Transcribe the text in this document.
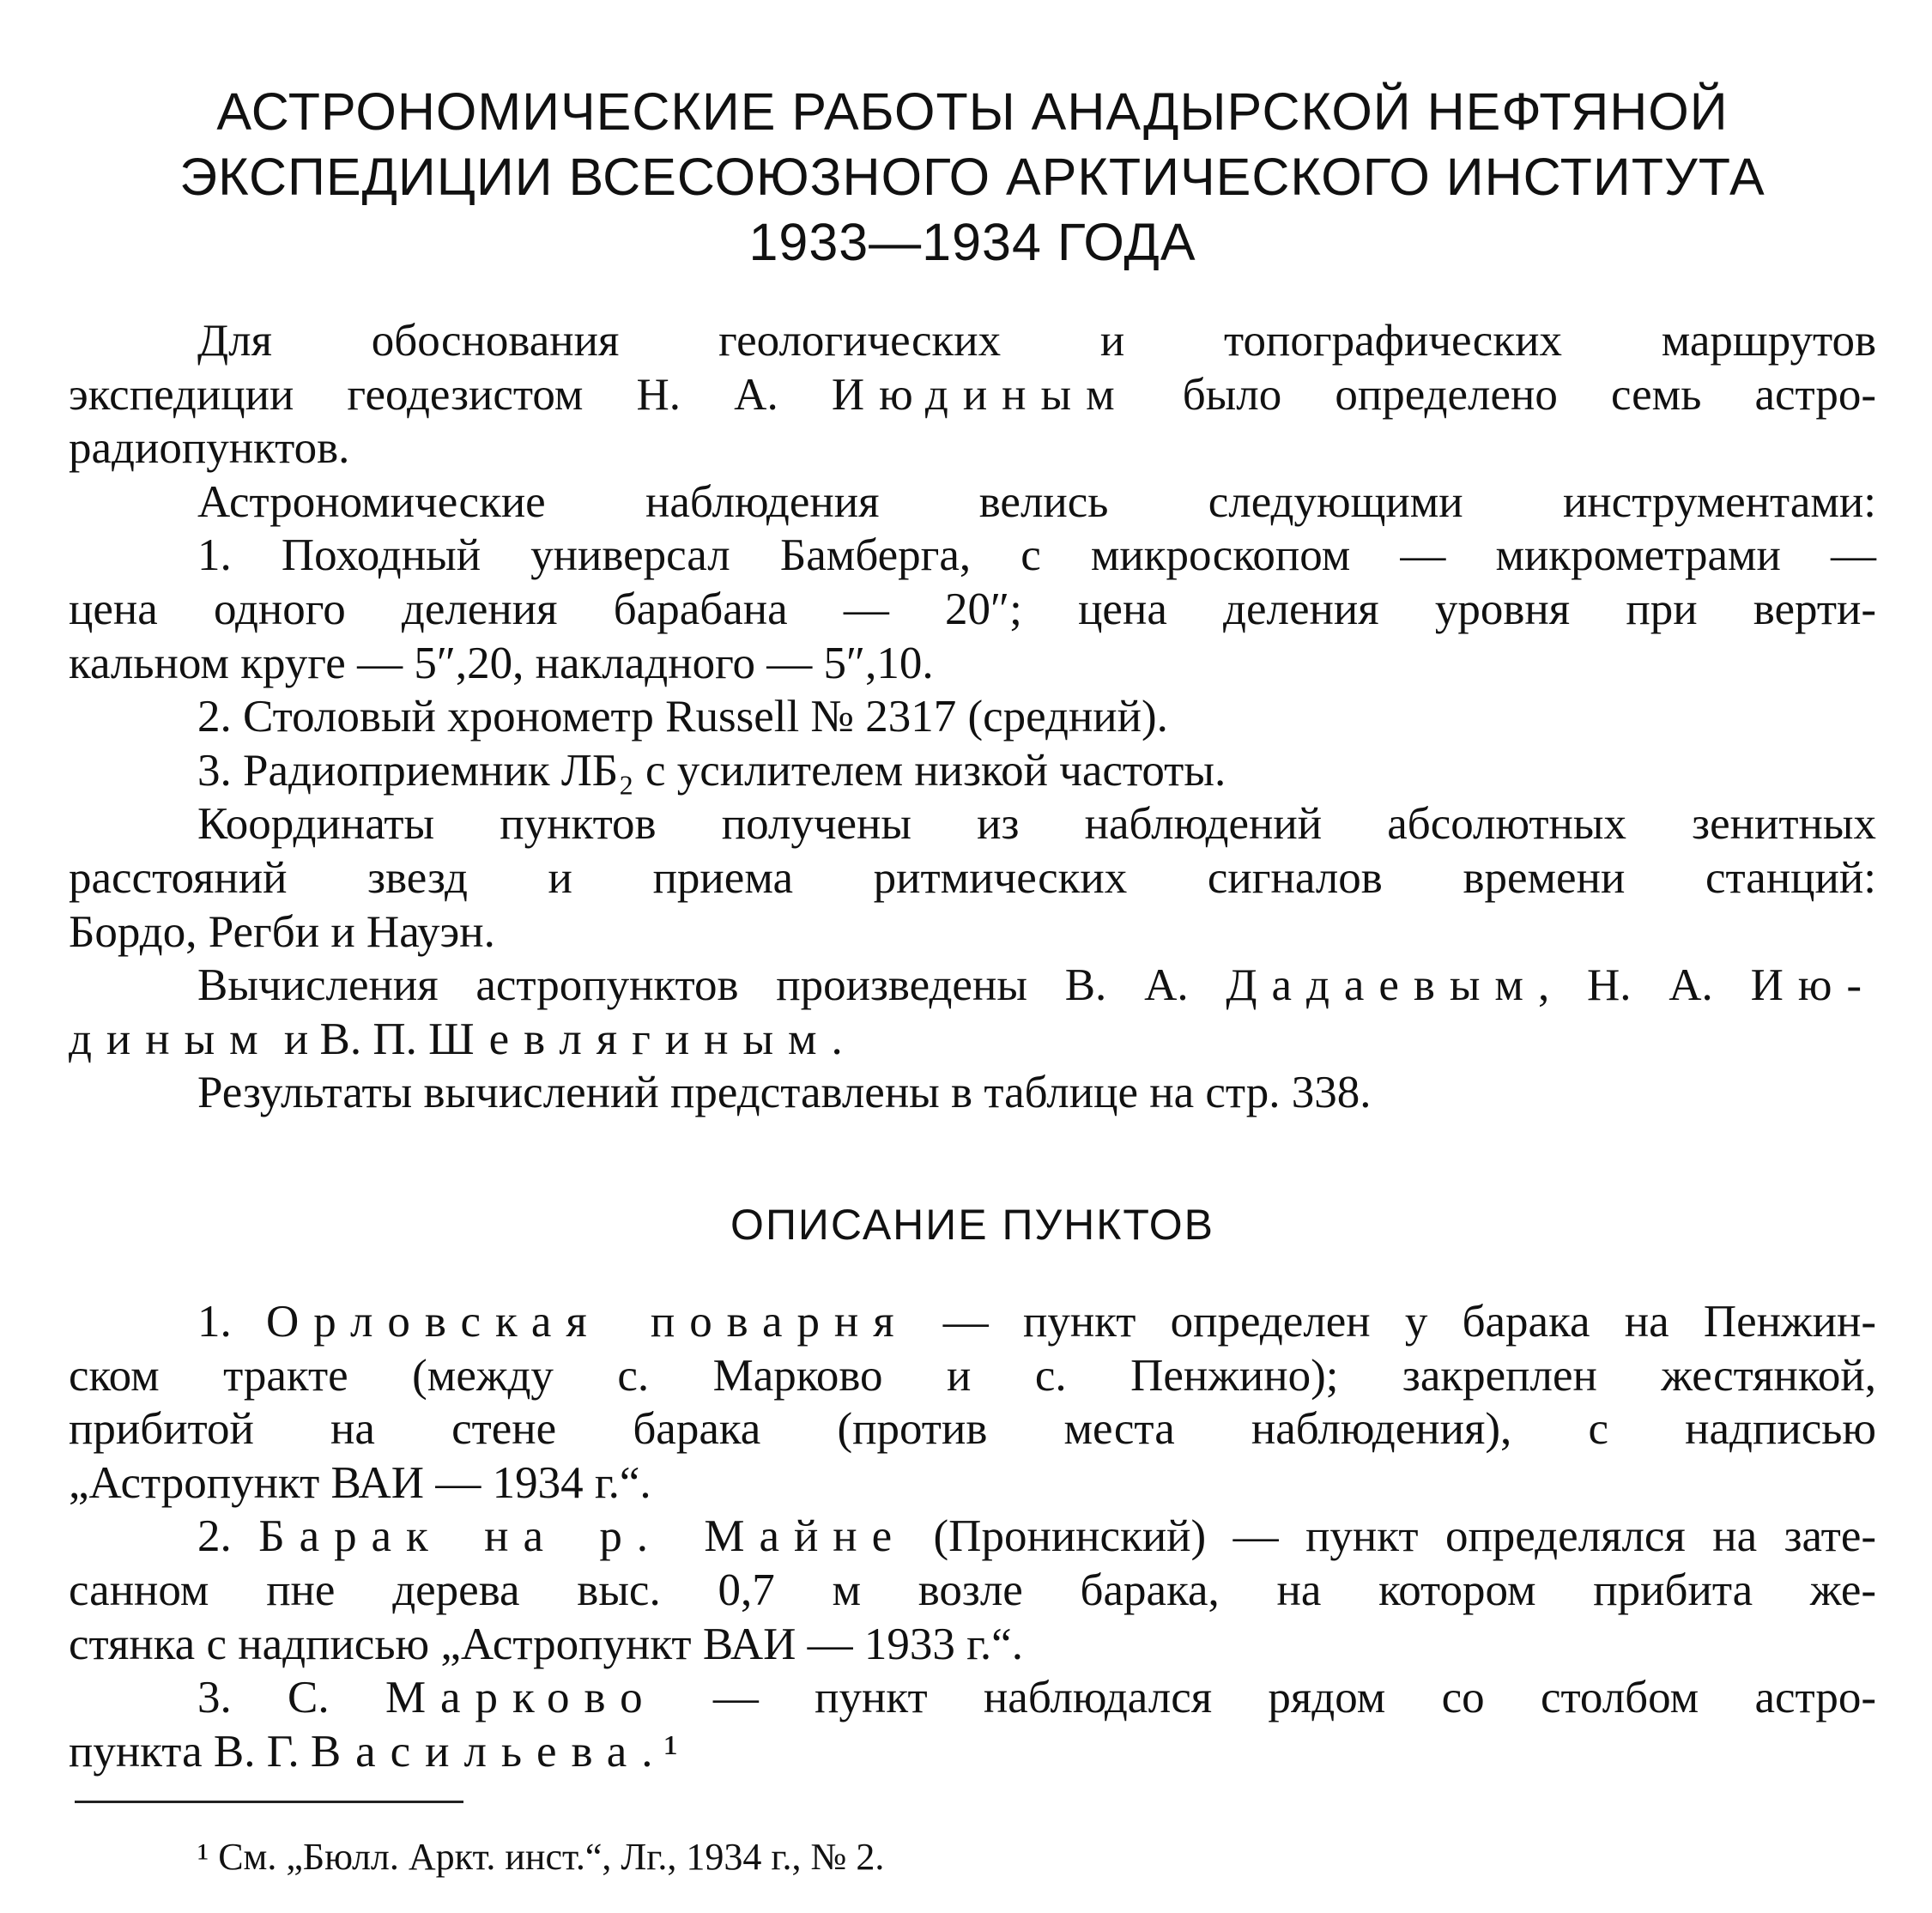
АСТРОНОМИЧЕСКИЕ РАБОТЫ АНАДЫРСКОЙ НЕФТЯНОЙ
ЭКСПЕДИЦИИ ВСЕСОЮЗНОГО АРКТИЧЕСКОГО ИНСТИТУТА
1933—1934 ГОДА
Для обоснования геологических и топографических маршрутов
экспедиции геодезистом Н. А. Июдиным было определено семь астро-
радиопунктов.
Астрономические наблюдения велись следующими инструментами:
1. Походный универсал Бамберга, с микроскопом — микрометрами —
цена одного деления барабана — 20″; цена деления уровня при верти-
кальном круге — 5″,20, накладного — 5″,10.
2. Столовый хронометр Russell № 2317 (средний).
3. Радиоприемник ЛБ₂ с усилителем низкой частоты.
Координаты пунктов получены из наблюдений абсолютных зенитных
расстояний звезд и приема ритмических сигналов времени станций:
Бордо, Регби и Науэн.
Вычисления астропунктов произведены В. А. Дадаевым, Н. А. Ию-
диным и В. П. Шевлягиным.
Результаты вычислений представлены в таблице на стр. 338.
ОПИСАНИЕ ПУНКТОВ
1. Орловская поварня — пункт определен у барака на Пенжин-
ском тракте (между с. Марково и с. Пенжино); закреплен жестянкой,
прибитой на стене барака (против места наблюдения), с надписью
„Астропункт ВАИ — 1934 г.“.
2. Барак на р. Майне (Пронинский) — пункт определялся на зате-
санном пне дерева выс. 0,7 м возле барака, на котором прибита же-
стянка с надписью „Астропункт ВАИ — 1933 г.“.
3. С. Марково — пункт наблюдался рядом со столбом астро-
пункта В. Г. Васильева. ¹
¹ См. „Бюлл. Аркт. инст.“, Лг., 1934 г., № 2.
